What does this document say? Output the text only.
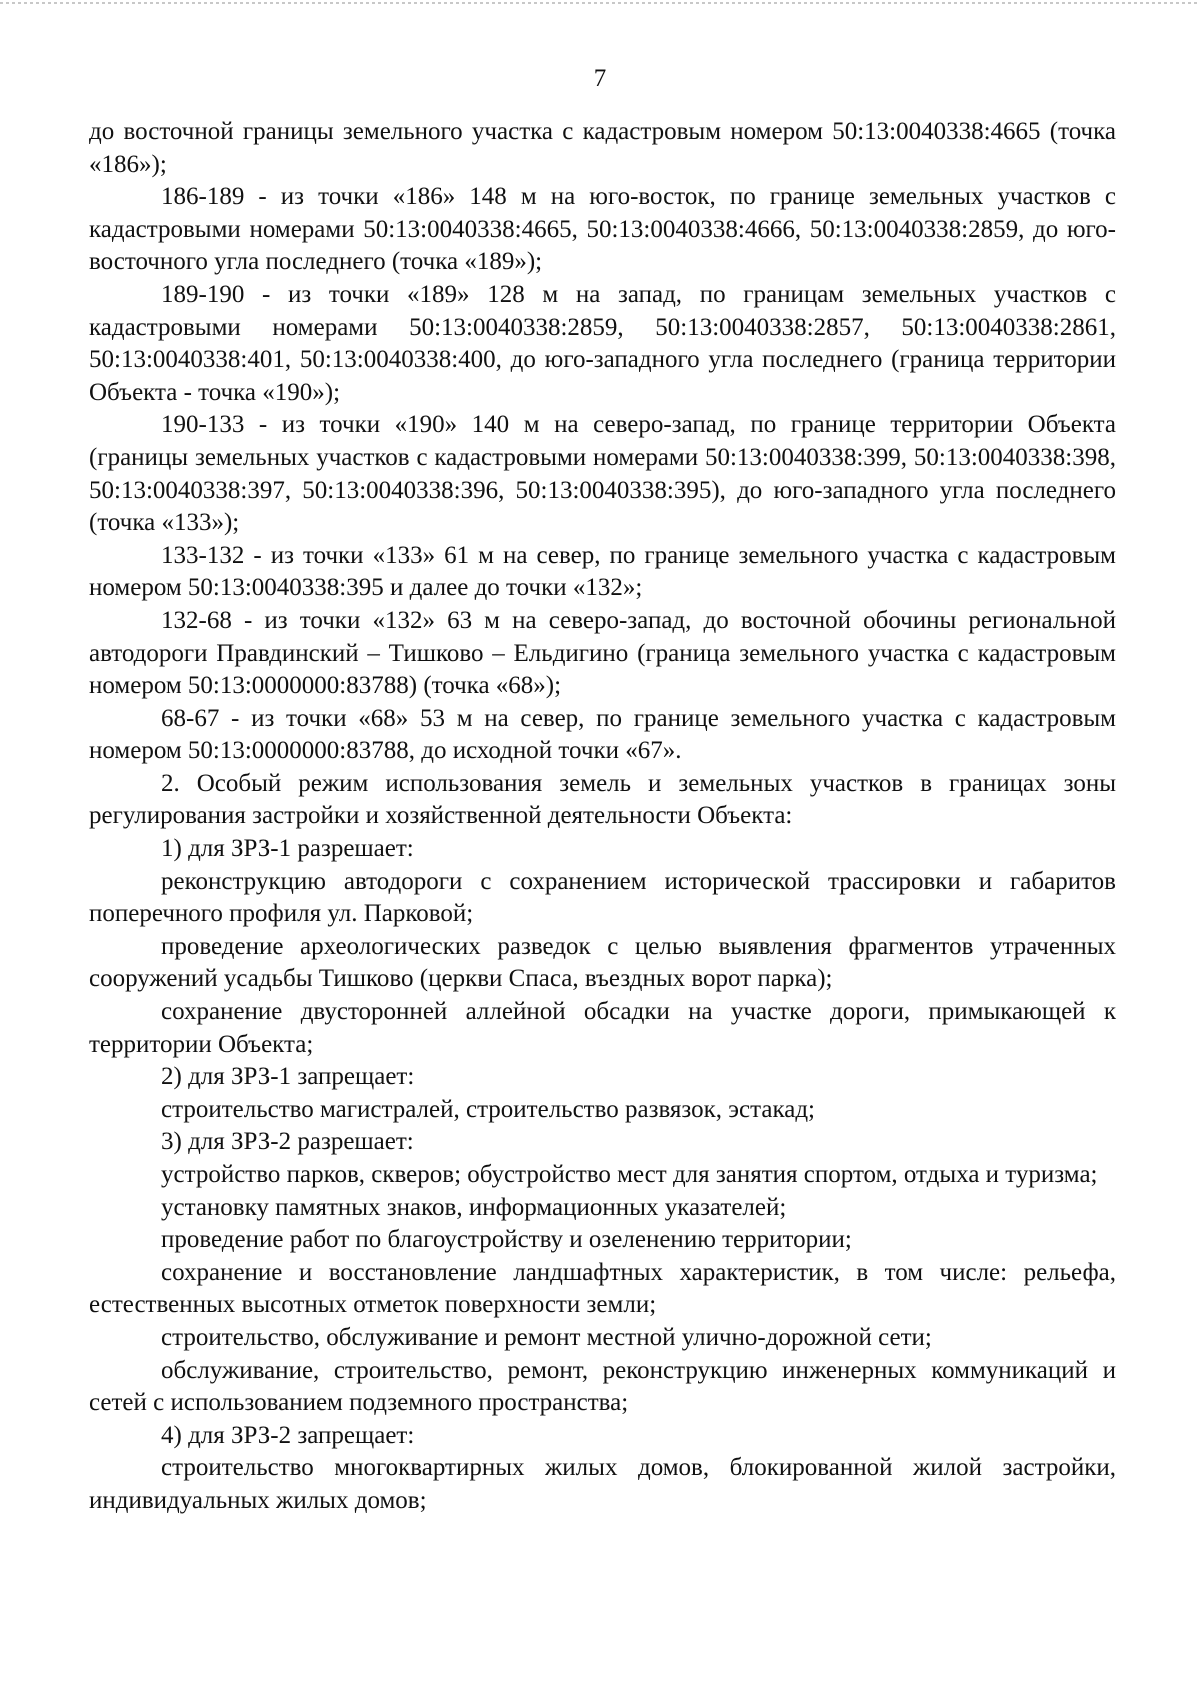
7

до восточной границы земельного участка с кадастровым номером 50:13:0040338:4665 (точка «186»);

186-189 - из точки «186» 148 м на юго-восток, по границе земельных участков с кадастровыми номерами 50:13:0040338:4665, 50:13:0040338:4666, 50:13:0040338:2859, до юго-восточного угла последнего (точка «189»);

189-190 - из точки «189» 128 м на запад, по границам земельных участков с кадастровыми номерами 50:13:0040338:2859, 50:13:0040338:2857, 50:13:0040338:2861, 50:13:0040338:401, 50:13:0040338:400, до юго-западного угла последнего (граница территории Объекта - точка «190»);

190-133 - из точки «190» 140 м на северо-запад, по границе территории Объекта (границы земельных участков с кадастровыми номерами 50:13:0040338:399, 50:13:0040338:398, 50:13:0040338:397, 50:13:0040338:396, 50:13:0040338:395), до юго-западного угла последнего (точка «133»);

133-132 - из точки «133» 61 м на север, по границе земельного участка с кадастровым номером 50:13:0040338:395 и далее до точки «132»;

132-68 - из точки «132» 63 м на северо-запад, до восточной обочины региональной автодороги Правдинский – Тишково – Ельдигино (граница земельного участка с кадастровым номером 50:13:0000000:83788) (точка «68»);

68-67 - из точки «68» 53 м на север, по границе земельного участка с кадастровым номером 50:13:0000000:83788, до исходной точки «67».

2. Особый режим использования земель и земельных участков в границах зоны регулирования застройки и хозяйственной деятельности Объекта:

1) для ЗРЗ-1 разрешает:

реконструкцию автодороги с сохранением исторической трассировки и габаритов поперечного профиля ул. Парковой;

проведение археологических разведок с целью выявления фрагментов утраченных сооружений усадьбы Тишково (церкви Спаса, въездных ворот парка);

сохранение двусторонней аллейной обсадки на участке дороги, примыкающей к территории Объекта;

2) для ЗРЗ-1 запрещает:

строительство магистралей, строительство развязок, эстакад;

3) для ЗРЗ-2 разрешает:

устройство парков, скверов; обустройство мест для занятия спортом, отдыха и туризма;

установку памятных знаков, информационных указателей;

проведение работ по благоустройству и озеленению территории;

сохранение и восстановление ландшафтных характеристик, в том числе: рельефа, естественных высотных отметок поверхности земли;

строительство, обслуживание и ремонт местной улично-дорожной сети;

обслуживание, строительство, ремонт, реконструкцию инженерных коммуникаций и сетей с использованием подземного пространства;

4) для ЗРЗ-2 запрещает:

строительство многоквартирных жилых домов, блокированной жилой застройки, индивидуальных жилых домов;
